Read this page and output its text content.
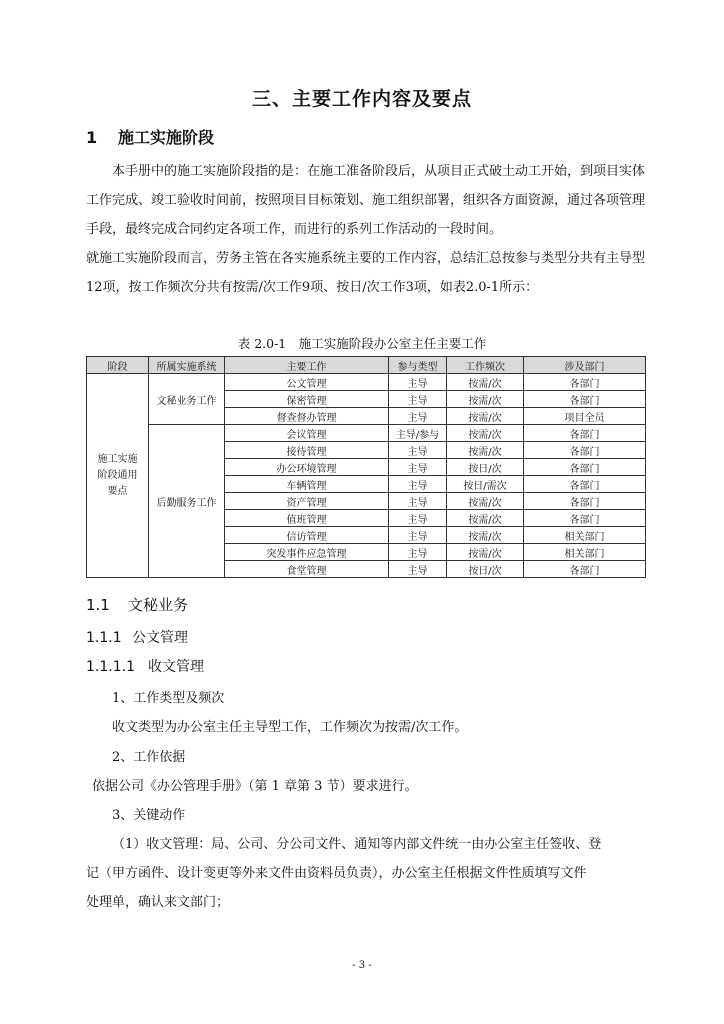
三、主要工作内容及要点
1 施工实施阶段

本手册中的施工实施阶段指的是：在施工准备阶段后，从项目正式破土动工开始，到项目实体工作完成、竣工验收时间前，按照项目目标策划、施工组织部署，组织各方面资源，通过各项管理手段，最终完成合同约定各项工作，而进行的系列工作活动的一段时间。

就施工实施阶段而言，劳务主管在各实施系统主要的工作内容，总结汇总按参与类型分共有主导型12项，按工作频次分共有按需/次工作9项、按日/次工作3项，如表2.0-1所示：

表 2.0-1　施工实施阶段办公室主任主要工作
阶段	所属实施系统	主要工作	参与类型	工作频次	涉及部门
施工实施阶段通用要点	文秘业务工作	公文管理	主导	按需/次	各部门
		保密管理	主导	按需/次	各部门
		督查督办管理	主导	按需/次	项目全员
	后勤服务工作	会议管理	主导/参与	按需/次	各部门
		接待管理	主导	按需/次	各部门
		办公环境管理	主导	按日/次	各部门
		车辆管理	主导	按日/需次	各部门
		资产管理	主导	按需/次	各部门
		值班管理	主导	按需/次	各部门
		信访管理	主导	按需/次	相关部门
		突发事件应急管理	主导	按需/次	相关部门
		食堂管理	主导	按日/次	各部门
1.1 文秘业务
1.1.1 公文管理
1.1.1.1 收文管理
1、工作类型及频次
收文类型为办公室主任主导型工作，工作频次为按需/次工作。
2、工作依据
依据公司《办公管理手册》（第 1 章第 3 节）要求进行。
3、关键动作
（1）收文管理：局、公司、分公司文件、通知等内部文件统一由办公室主任签收、登
记（甲方函件、设计变更等外来文件由资料员负责），办公室主任根据文件性质填写文件
处理单，确认来文部门；
- 3 -
